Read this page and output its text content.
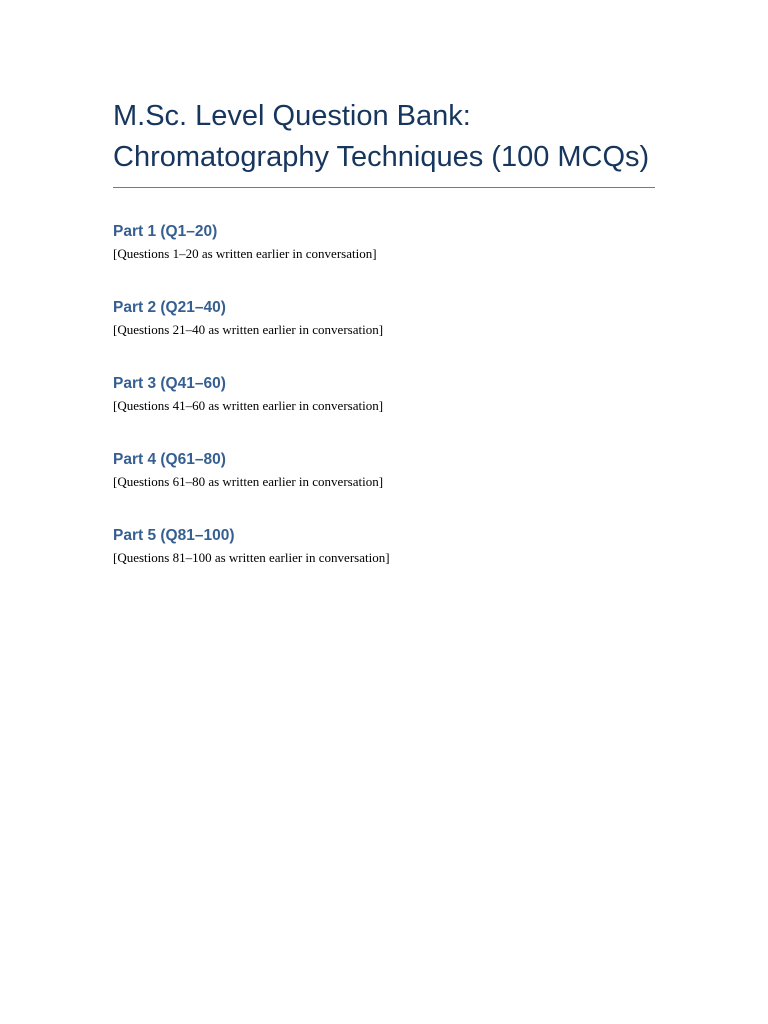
M.Sc. Level Question Bank: Chromatography Techniques (100 MCQs)
Part 1 (Q1–20)

[Questions 1–20 as written earlier in conversation]

Part 2 (Q21–40)

[Questions 21–40 as written earlier in conversation]

Part 3 (Q41–60)

[Questions 41–60 as written earlier in conversation]

Part 4 (Q61–80)

[Questions 61–80 as written earlier in conversation]

Part 5 (Q81–100)

[Questions 81–100 as written earlier in conversation]
